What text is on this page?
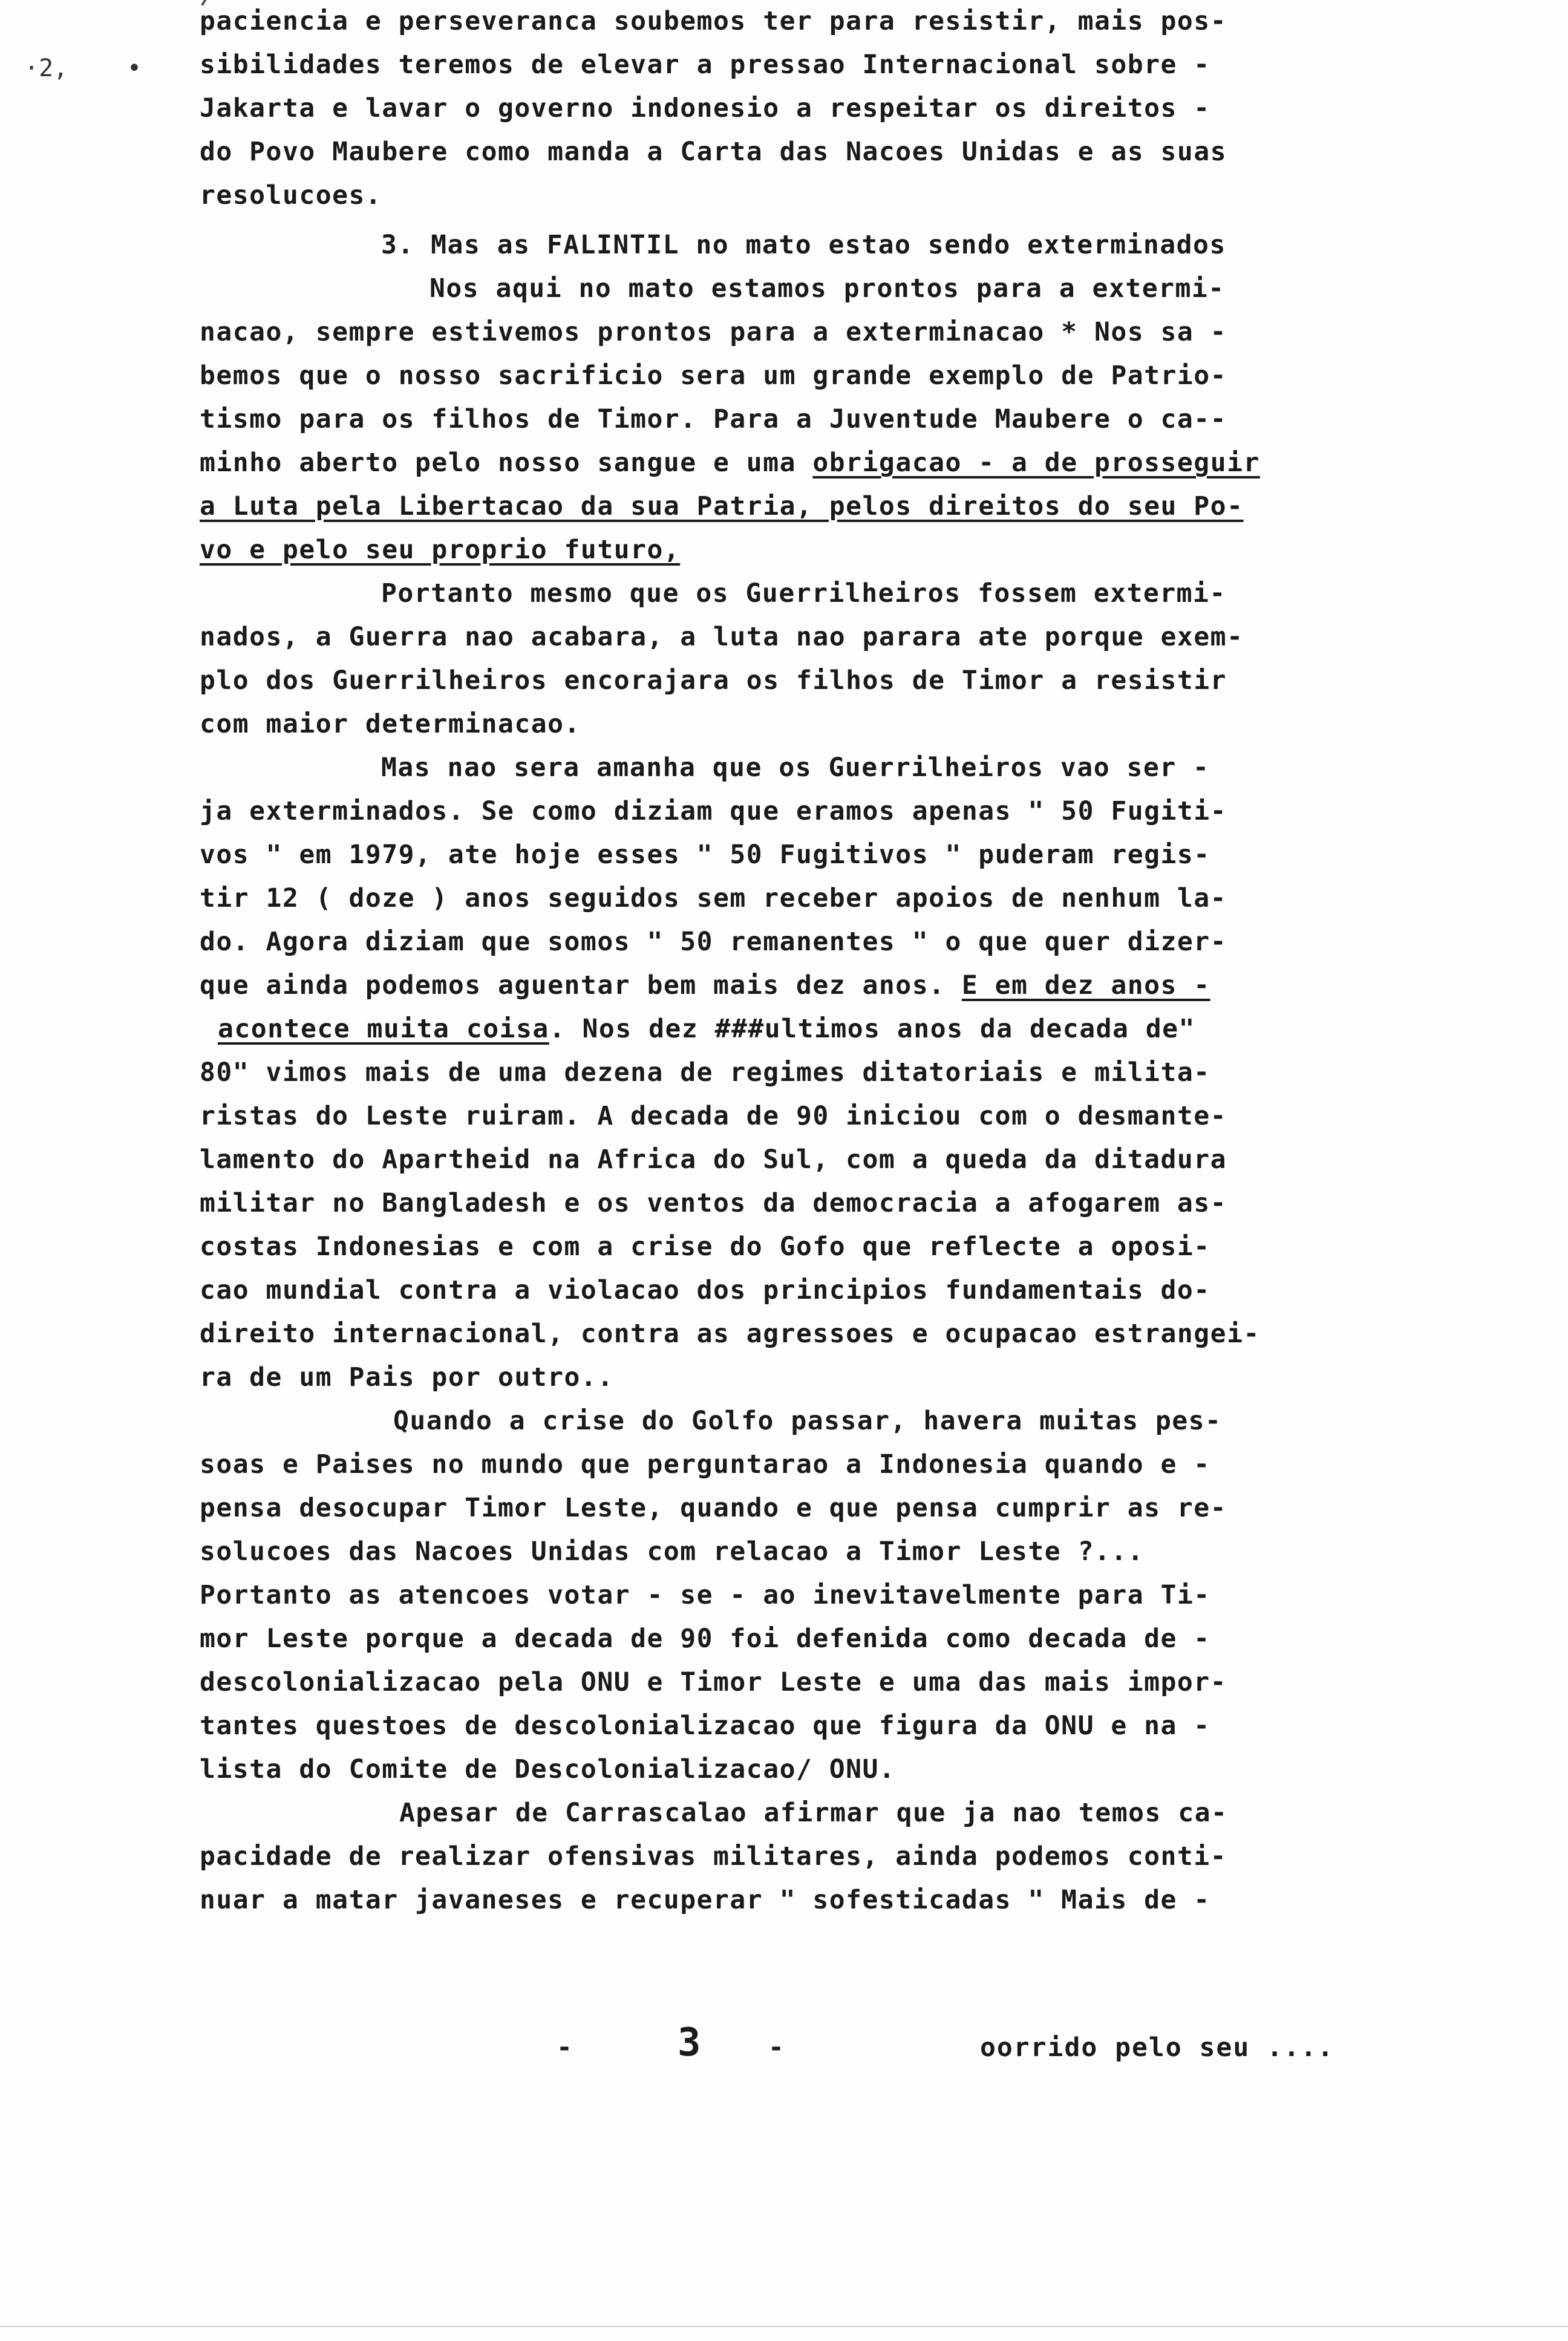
·2, •
pacienciа e perseveranca soubemos ter para resistir, mais pos-
sibilidades teremos de elevar a pressao Internacional sobre -
Jakarta e lavar o governo indonesio a respeitar os direitos -
do Povo Maubere como manda a Carta das Nacoes Unidas e as suas
resolucoes.
3. Mas as FALINTIL no mato estao sendo exterminados
Nos aqui no mato estamos prontos para a extermi-
nacao, sempre estivemos prontos para a exterminacao * Nos sa -
bemos que o nosso sacrificio sera um grande exemplo de Patrio-
tismo para os filhos de Timor. Para a Juventude Maubere o ca--
minho aberto pelo nosso sangue e uma obrigacao - a de prosseguir
a Luta pela Libertacao da sua Patria, pelos direitos do seu Po-
vo e pelo seu proprio futuro,
Portanto mesmo que os Guerrilheiros fossem extermi-
nados, a Guerra nao acabara, a luta nao parara ate porque exem-
plo dos Guerrilheiros encorajara os filhos de Timor a resistir
com maior determinacao.
Mas nao sera amanha que os Guerrilheiros vao ser -
ja exterminados. Se como diziam que eramos apenas " 50 Fugiti-
vos " em 1979, ate hoje esses " 50 Fugitivos " puderam regis-
tir 12 ( doze ) anos seguidos sem receber apoios de nenhum la-
do. Agora diziam que somos " 50 remanentes " o que quer dizer-
que ainda podemos aguentar bem mais dez anos. E em dez anos -
acontece muita coisa. Nos dez ###ultimos anos da decada de"
80" vimos mais de uma dezena de regimes ditatoriais e milita-
ristas do Leste ruiram. A decada de 90 iniciou com o desmante-
lamento do Apartheid na Africa do Sul, com a queda da ditadura
militar no Bangladesh e os ventos da democracia a afogarem as-
costas Indonesias e com a crise do Gofo que reflecte a oposi-
cao mundial contra a violacao dos principios fundamentais do-
direito internacional, contra as agressoes e ocupacao estrangei-
ra de um Pais por outro..
Quando a crise do Golfo passar, havera muitas pes-
soas e Paises no mundo que perguntarao a Indonesia quando e -
pensa desocupar Timor Leste, quando e que pensa cumprir as re-
solucoes das Nacoes Unidas com relacao a Timor Leste ?...
Portanto as atencoes votar - se - ao inevitavelmente para Ti-
mor Leste porque a decada de 90 foi defenida como decada de -
descolonializacao pela ONU e Timor Leste e uma das mais impor-
tantes questoes de descolonializacao que figura da ONU e na -
lista do Comite de Descolonializacao/ ONU.
Apesar de Carrascalao afirmar que ja nao temos ca-
pacidade de realizar ofensivas militares, ainda podemos conti-
nuar a matar javaneses e recuperar " sofesticadas " Mais de -
-	3	-	oorrido pelo seu ....
